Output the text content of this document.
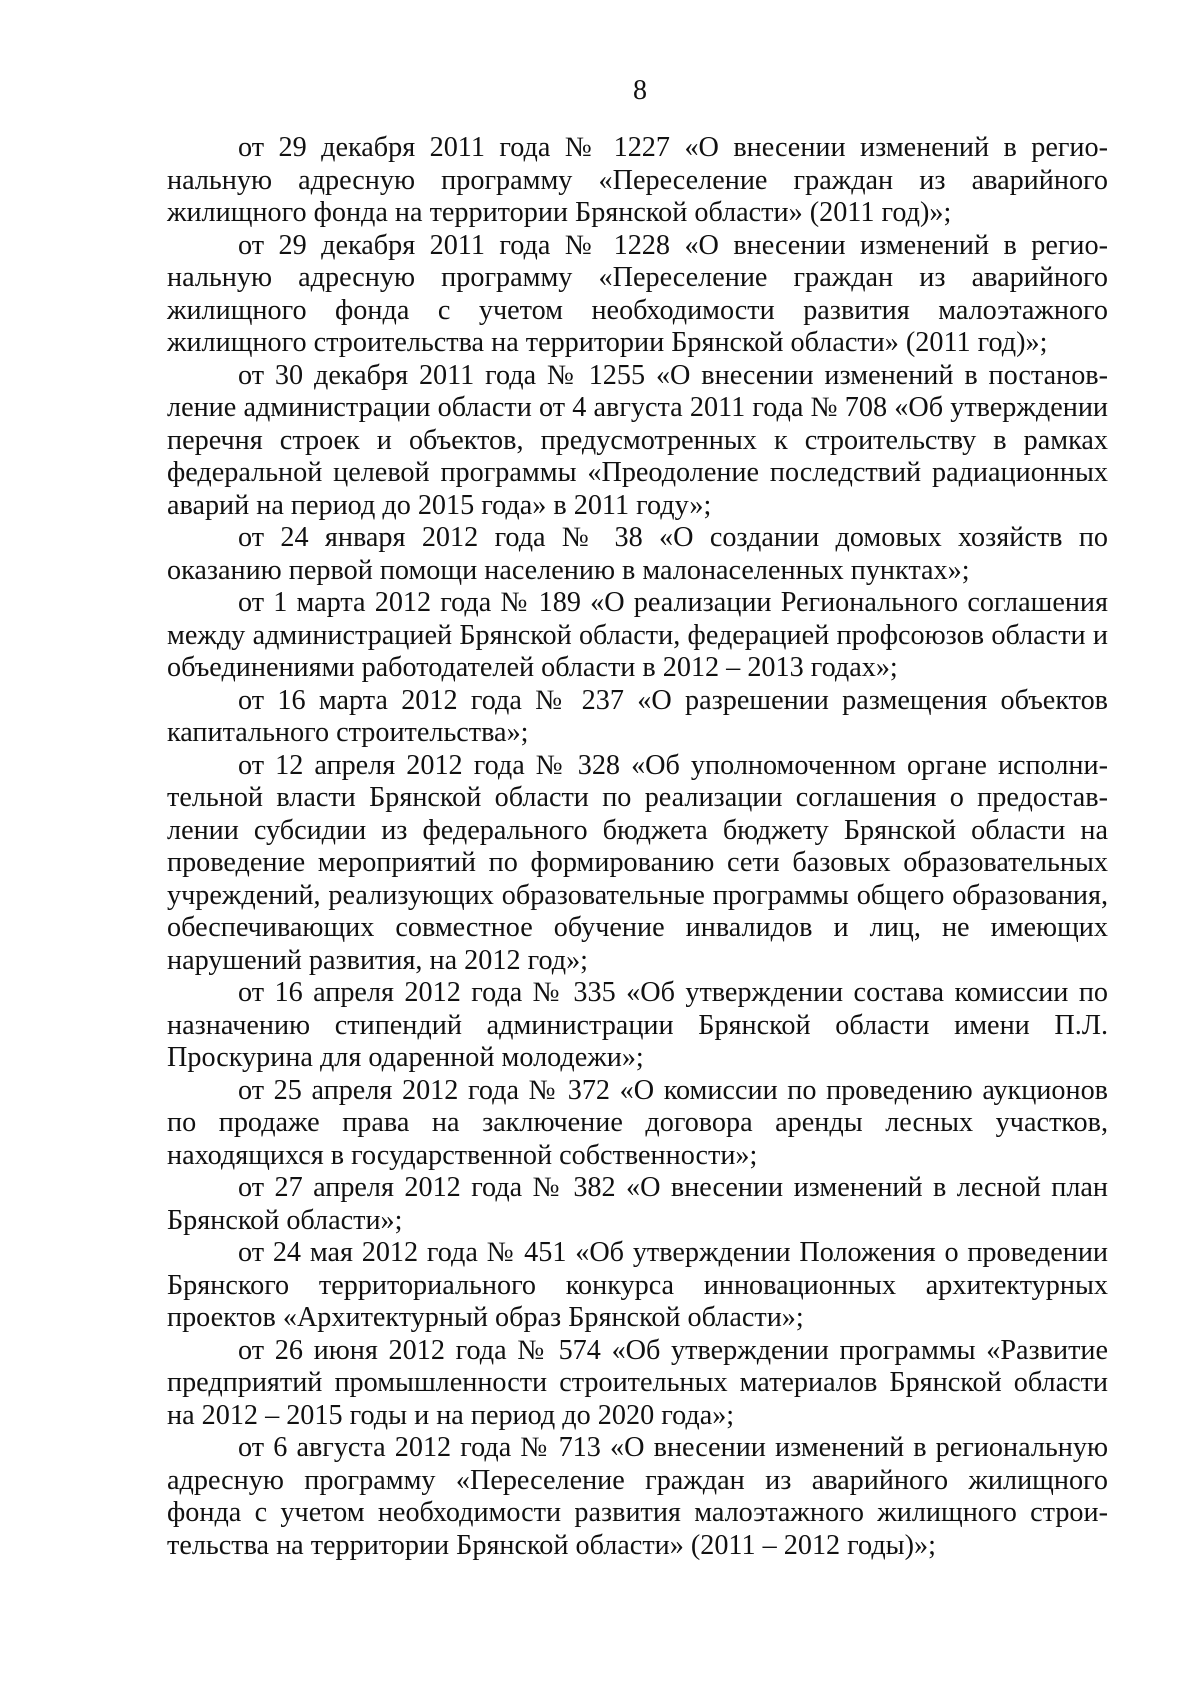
8

от 29 декабря 2011 года № 1227 «О внесении изменений в региональную адресную программу «Переселение граждан из аварийного жилищного фонда на территории Брянской области» (2011 год)»;

от 29 декабря 2011 года № 1228 «О внесении изменений в региональную адресную программу «Переселение граждан из аварийного жилищного фонда с учетом необходимости развития малоэтажного жилищного строительства на территории Брянской области» (2011 год)»;

от 30 декабря 2011 года № 1255 «О внесении изменений в постановление администрации области от 4 августа 2011 года № 708 «Об утверждении перечня строек и объектов, предусмотренных к строительству в рамках федеральной целевой программы «Преодоление последствий радиационных аварий на период до 2015 года» в 2011 году»;

от 24 января 2012 года № 38 «О создании домовых хозяйств по оказанию первой помощи населению в малонаселенных пунктах»;

от 1 марта 2012 года № 189 «О реализации Регионального соглашения между администрацией Брянской области, федерацией профсоюзов области и объединениями работодателей области в 2012 – 2013 годах»;

от 16 марта 2012 года № 237 «О разрешении размещения объектов капитального строительства»;

от 12 апреля 2012 года № 328 «Об уполномоченном органе исполнительной власти Брянской области по реализации соглашения о предоставлении субсидии из федерального бюджета бюджету Брянской области на проведение мероприятий по формированию сети базовых образовательных учреждений, реализующих образовательные программы общего образования, обеспечивающих совместное обучение инвалидов и лиц, не имеющих нарушений развития, на 2012 год»;

от 16 апреля 2012 года № 335 «Об утверждении состава комиссии по назначению стипендий администрации Брянской области имени П.Л. Проскурина для одаренной молодежи»;

от 25 апреля 2012 года № 372 «О комиссии по проведению аукционов по продаже права на заключение договора аренды лесных участков, находящихся в государственной собственности»;

от 27 апреля 2012 года № 382 «О внесении изменений в лесной план Брянской области»;

от 24 мая 2012 года № 451 «Об утверждении Положения о проведении Брянского территориального конкурса инновационных архитектурных проектов «Архитектурный образ Брянской области»;

от 26 июня 2012 года № 574 «Об утверждении программы «Развитие предприятий промышленности строительных материалов Брянской области на 2012 – 2015 годы и на период до 2020 года»;

от 6 августа 2012 года № 713 «О внесении изменений в региональную адресную программу «Переселение граждан из аварийного жилищного фонда с учетом необходимости развития малоэтажного жилищного строительства на территории Брянской области» (2011 – 2012 годы)»;
